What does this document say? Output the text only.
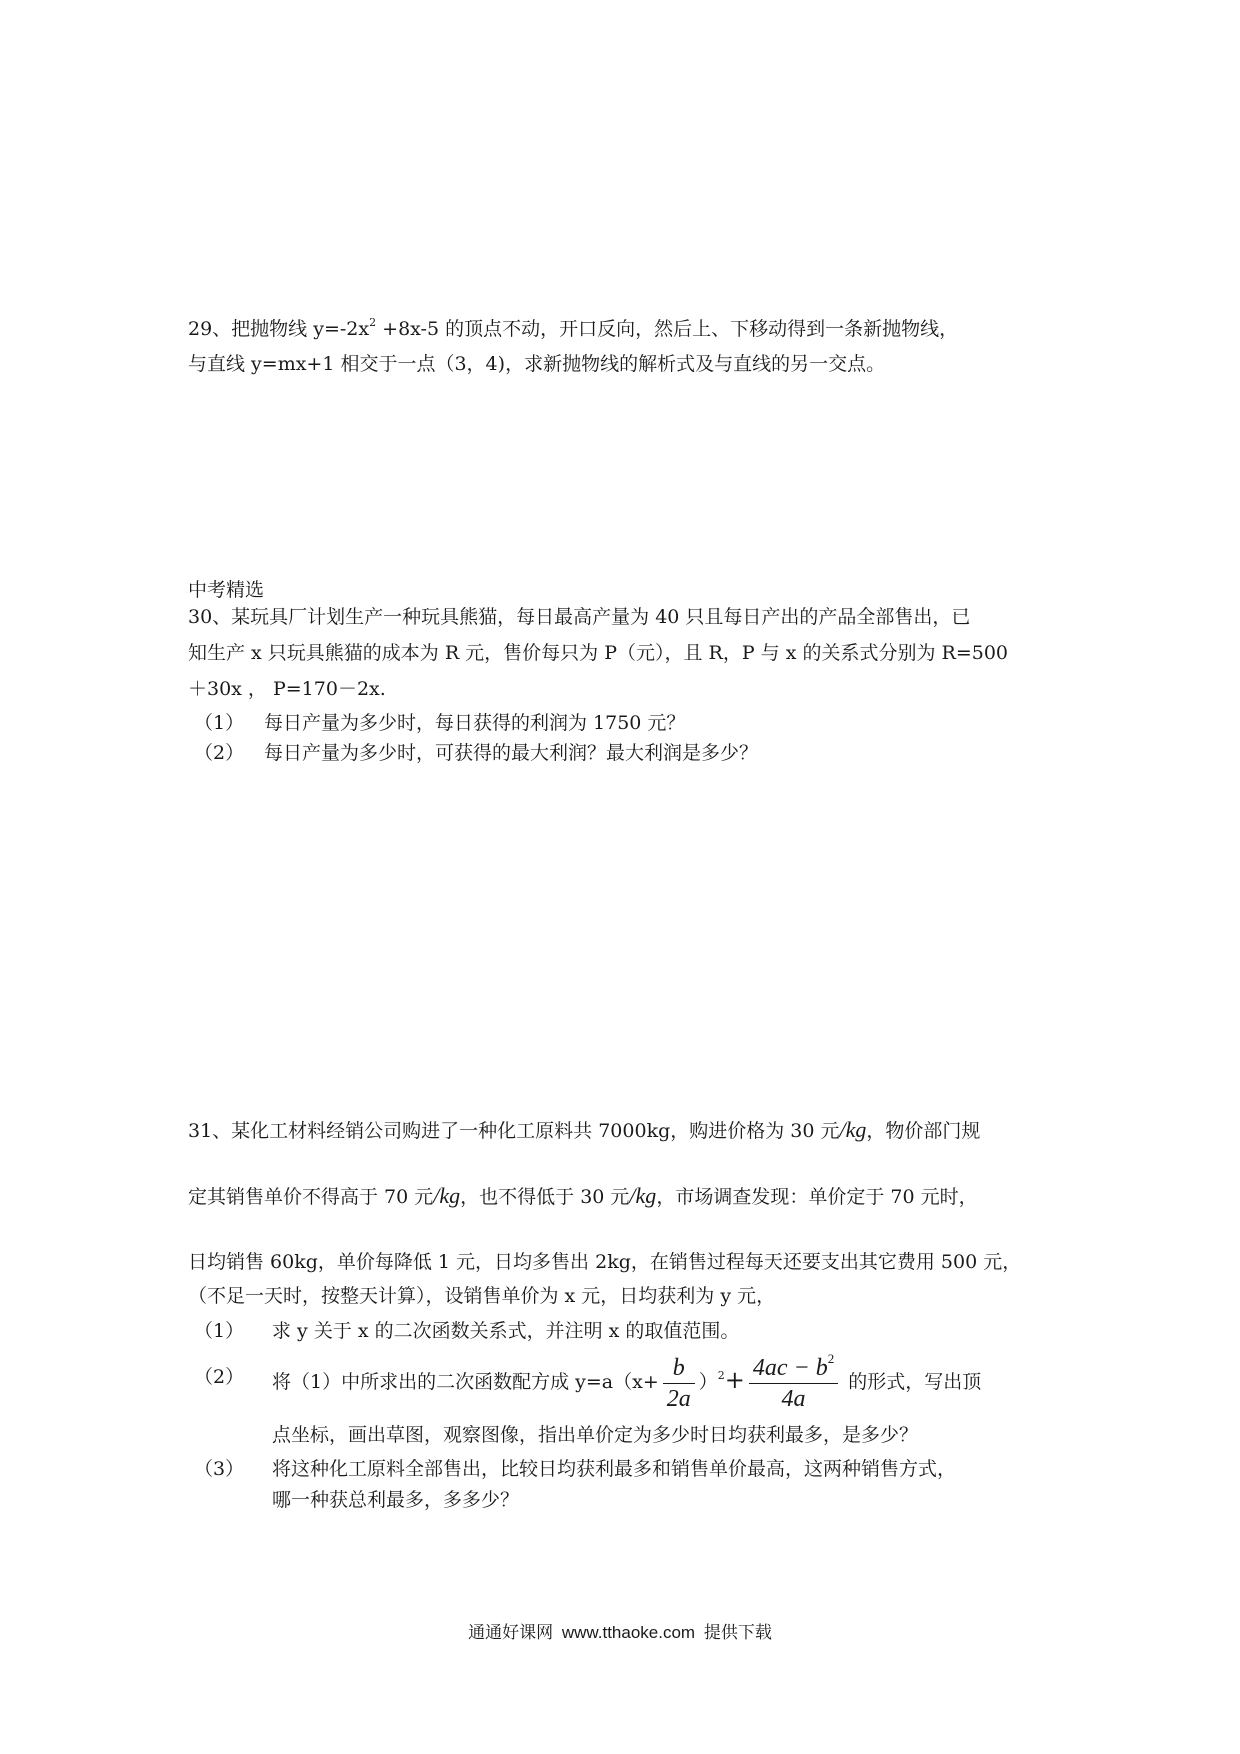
29、把抛物线 $y=-2x^2 +8x-5$ 的顶点不动，开口反向，然后上、下移动得到一条新抛物线，
与直线 y=mx+1 相交于一点（3，4)，求新抛物线的解析式及与直线的另一交点。
中考精选
30、某玩具厂计划生产一种玩具熊猫，每日最高产量为 40 只且每日产出的产品全部售出，已
知生产 x 只玩具熊猫的成本为 R 元，售价每只为 P（元），且 R，P 与 x 的关系式分别为 R=500
＋30x ， P=170－2x.
（1） 每日产量为多少时，每日获得的利润为 1750 元？
（2） 每日产量为多少时，可获得的最大利润？最大利润是多少？
31、某化工材料经销公司购进了一种化工原料共 7000kg，购进价格为 30 元/kg，物价部门规
定其销售单价不得高于 70 元/kg，也不得低于 30 元/kg，市场调查发现：单价定于 70 元时，
日均销售 60kg，单价每降低 1 元，日均多售出 2kg，在销售过程每天还要支出其它费用 500 元，
（不足一天时，按整天计算），设销售单价为 x 元，日均获利为 y 元，
（1） 求 y 关于 x 的二次函数关系式，并注明 x 的取值范围。
（2） 将（1）中所求出的二次函数配方成 $y=a(x+ \frac{b}{2a} )^2+ \frac{4ac - b^2}{4a}$ 的形式，写出顶
点坐标，画出草图，观察图像，指出单价定为多少时日均获利最多，是多少？
（3） 将这种化工原料全部售出，比较日均获利最多和销售单价最高，这两种销售方式，
哪一种获总利最多，多多少？
通通好课网 www.tthaoke.com 提供下载
